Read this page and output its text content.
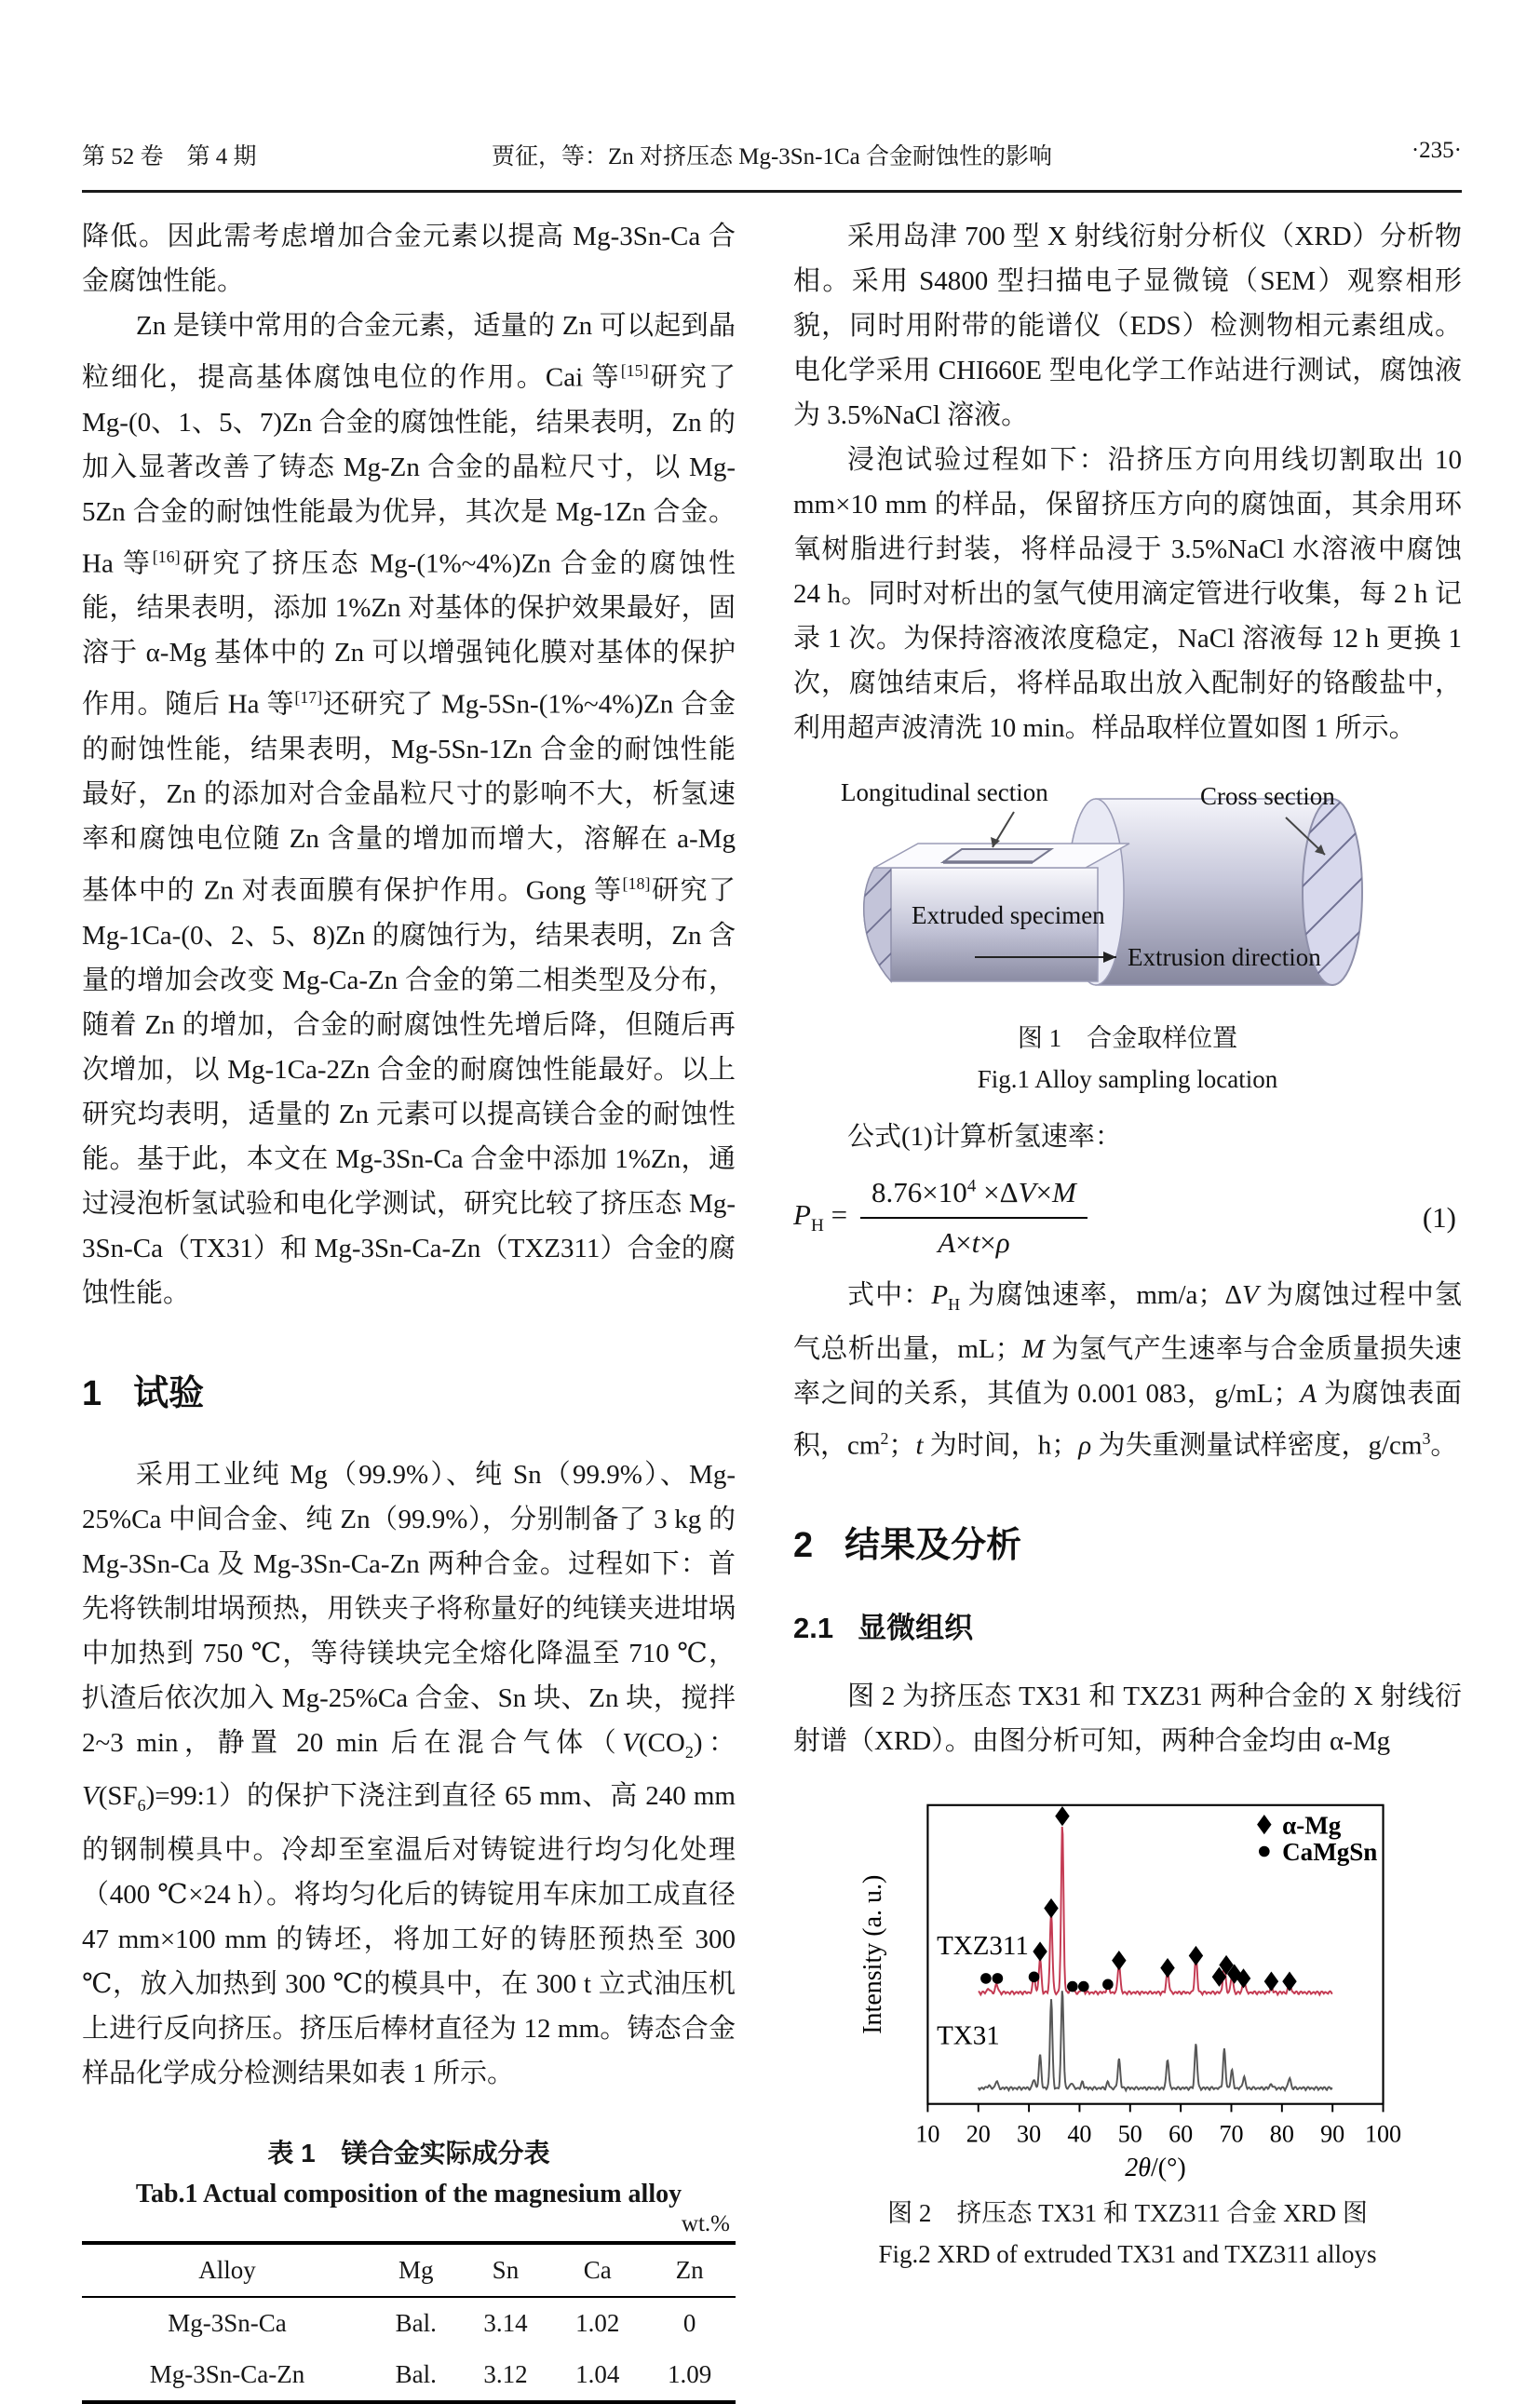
第 52 卷　第 4 期	贾征，等：Zn 对挤压态 Mg-3Sn-1Ca 合金耐蚀性的影响	·235·

降低。因此需考虑增加合金元素以提高 Mg-3Sn-Ca 合金腐蚀性能。

Zn 是镁中常用的合金元素，适量的 Zn 可以起到晶粒细化，提高基体腐蚀电位的作用。Cai 等[15]研究了 Mg-(0、1、5、7)Zn 合金的腐蚀性能，结果表明，Zn 的加入显著改善了铸态 Mg-Zn 合金的晶粒尺寸，以 Mg-5Zn 合金的耐蚀性能最为优异，其次是 Mg-1Zn 合金。Ha 等[16]研究了挤压态 Mg-(1%~4%)Zn 合金的腐蚀性能，结果表明，添加 1%Zn 对基体的保护效果最好，固溶于 α-Mg 基体中的 Zn 可以增强钝化膜对基体的保护作用。随后 Ha 等[17]还研究了 Mg-5Sn-(1%~4%)Zn 合金的耐蚀性能，结果表明，Mg-5Sn-1Zn 合金的耐蚀性能最好，Zn 的添加对合金晶粒尺寸的影响不大，析氢速率和腐蚀电位随 Zn 含量的增加而增大，溶解在 a-Mg 基体中的 Zn 对表面膜有保护作用。Gong 等[18]研究了 Mg-1Ca-(0、2、5、8)Zn 的腐蚀行为，结果表明，Zn 含量的增加会改变 Mg-Ca-Zn 合金的第二相类型及分布，随着 Zn 的增加，合金的耐腐蚀性先增后降，但随后再次增加，以 Mg-1Ca-2Zn 合金的耐腐蚀性能最好。以上研究均表明，适量的 Zn 元素可以提高镁合金的耐蚀性能。基于此，本文在 Mg-3Sn-Ca 合金中添加 1%Zn，通过浸泡析氢试验和电化学测试，研究比较了挤压态 Mg-3Sn-Ca（TX31）和 Mg-3Sn-Ca-Zn（TXZ311）合金的腐蚀性能。

1 试验

采用工业纯 Mg（99.9%）、纯 Sn（99.9%）、Mg-25%Ca 中间合金、纯 Zn（99.9%），分别制备了 3 kg 的 Mg-3Sn-Ca 及 Mg-3Sn-Ca-Zn 两种合金。过程如下：首先将铁制坩埚预热，用铁夹子将称量好的纯镁夹进坩埚中加热到 750 ℃，等待镁块完全熔化降温至 710 ℃，扒渣后依次加入 Mg-25%Ca 合金、Sn 块、Zn 块，搅拌 2~3 min，静置 20 min 后在混合气体（$V(CO_2)$：$V(SF_6)=99:1$）的保护下浇注到直径 65 mm、高 240 mm 的钢制模具中。冷却至室温后对铸锭进行均匀化处理（400 ℃×24 h）。将均匀化后的铸锭用车床加工成直径 47 mm×100 mm 的铸坯，将加工好的铸胚预热至 300 ℃，放入加热到 300 ℃的模具中，在 300 t 立式油压机上进行反向挤压。挤压后棒材直径为 12 mm。铸态合金样品化学成分检测结果如表 1 所示。

表 1　镁合金实际成分表
Tab.1 Actual composition of the magnesium alloy
wt.%
Alloy	Mg	Sn	Ca	Zn
Mg-3Sn-Ca	Bal.	3.14	1.02	0
Mg-3Sn-Ca-Zn	Bal.	3.12	1.04	1.09

采用岛津 700 型 X 射线衍射分析仪（XRD）分析物相。采用 S4800 型扫描电子显微镜（SEM）观察相形貌，同时用附带的能谱仪（EDS）检测物相元素组成。电化学采用 CHI660E 型电化学工作站进行测试，腐蚀液为 3.5%NaCl 溶液。

浸泡试验过程如下：沿挤压方向用线切割取出 10 mm×10 mm 的样品，保留挤压方向的腐蚀面，其余用环氧树脂进行封装，将样品浸于 3.5%NaCl 水溶液中腐蚀 24 h。同时对析出的氢气使用滴定管进行收集，每 2 h 记录 1 次。为保持溶液浓度稳定，NaCl 溶液每 12 h 更换 1 次，腐蚀结束后，将样品取出放入配制好的铬酸盐中，利用超声波清洗 10 min。样品取样位置如图 1 所示。

Longitudinal section	Cross section
Extruded specimen
Extrusion direction
图 1　合金取样位置
Fig.1 Alloy sampling location

公式(1)计算析氢速率：

$P_H = \frac{8.76\times 10^4 \times\Delta V\times M}{A\times t\times\rho}$	(1)

式中：$P_H$ 为腐蚀速率，mm/a；ΔV 为腐蚀过程中氢气总析出量，mL；M 为氢气产生速率与合金质量损失速率之间的关系，其值为 0.001 083，g/mL；A 为腐蚀表面积，$cm^2$；t 为时间，h；ρ 为失重测量试样密度，$g/cm^3$。

2 结果及分析
2.1 显微组织

图 2 为挤压态 TX31 和 TXZ31 两种合金的 X 射线衍射谱（XRD）。由图分析可知，两种合金均由 α-Mg

10 20 30 40 50 60 70 80 90 100
2θ/(°)
Intensity (a. u.) TXZ311
TX31
α-Mg
CaMgSn
图 2　挤压态 TX31 和 TXZ311 合金 XRD 图
Fig.2 XRD of extruded TX31 and TXZ311 alloys
